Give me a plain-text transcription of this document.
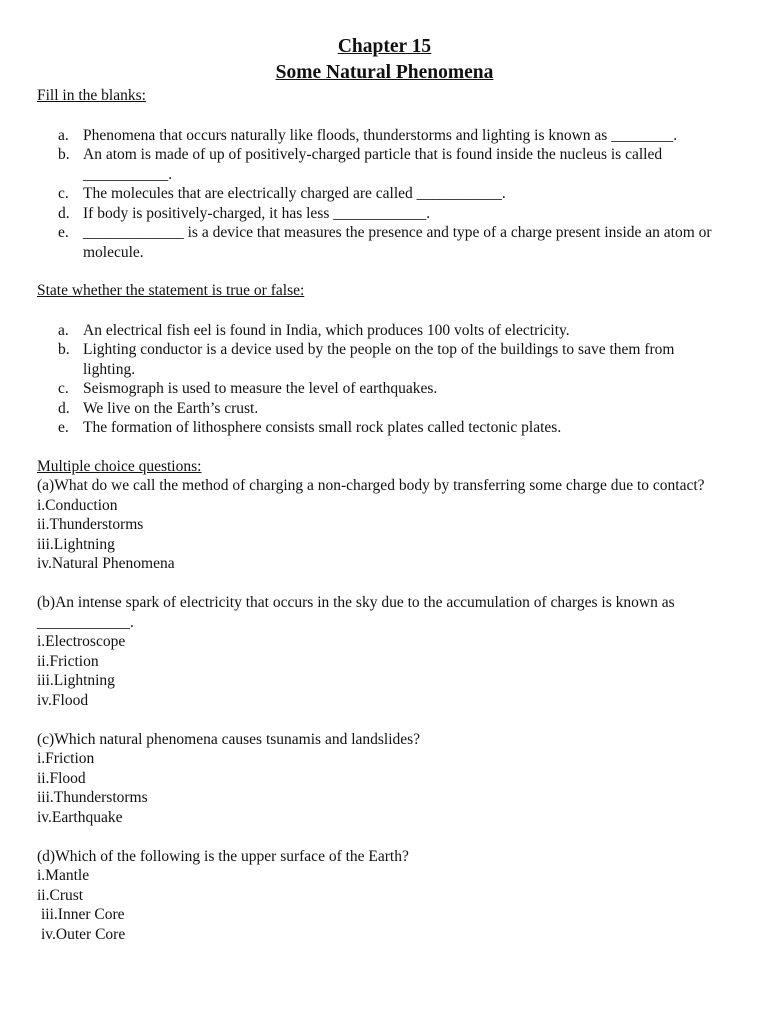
Chapter 15
Some Natural Phenomena

Fill in the blanks:

a. Phenomena that occurs naturally like floods, thunderstorms and lighting is known as ________.
b. An atom is made of up of positively-charged particle that is found inside the nucleus is called ___________.
c. The molecules that are electrically charged are called ___________.
d. If body is positively-charged, it has less ____________.
e. _____________ is a device that measures the presence and type of a charge present inside an atom or molecule.

State whether the statement is true or false:

a. An electrical fish eel is found in India, which produces 100 volts of electricity.
b. Lighting conductor is a device used by the people on the top of the buildings to save them from lighting.
c. Seismograph is used to measure the level of earthquakes.
d. We live on the Earth’s crust.
e. The formation of lithosphere consists small rock plates called tectonic plates.

Multiple choice questions:

(a)What do we call the method of charging a non-charged body by transferring some charge due to contact?

i.Conduction

ii.Thunderstorms

iii.Lightning

iv.Natural Phenomena

(b)An intense spark of electricity that occurs in the sky due to the accumulation of charges is known as ____________.

i.Electroscope

ii.Friction

iii.Lightning

iv.Flood

(c)Which natural phenomena causes tsunamis and landslides?

i.Friction

ii.Flood

iii.Thunderstorms

iv.Earthquake

(d)Which of the following is the upper surface of the Earth?

i.Mantle

ii.Crust

iii.Inner Core

iv.Outer Core
